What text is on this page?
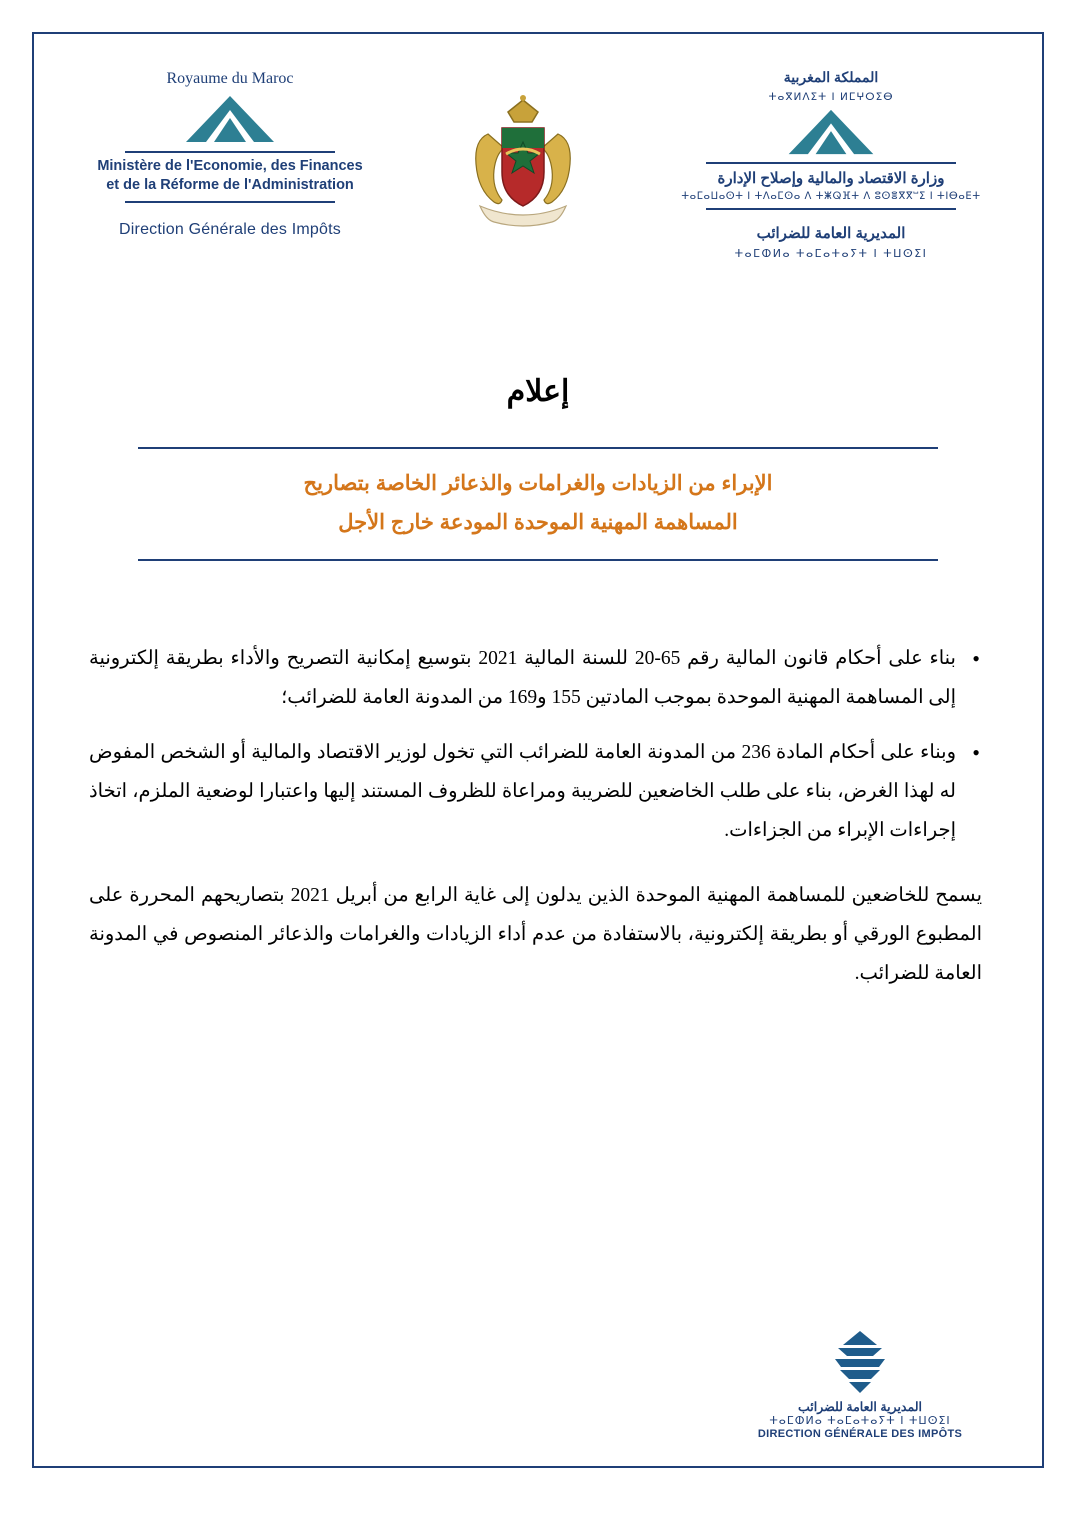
Royaume du Maroc
Ministère de l'Economie, des Finances
et de la Réforme de l'Administration
Direction Générale des Impôts
المملكة المغربية
ⵜⴰⴳⵍⴷⵉⵜ ⵏ ⵍⵎⵖⵔⵉⴱ
وزارة الاقتصاد والمالية وإصلاح الإدارة
ⵜⴰⵎⴰⵡⴰⵙⵜ ⵏ ⵜⴷⴰⵎⵙⴰ ⴷ ⵜⵥⵕⴼⵜ ⴷ ⵓⵙⴻⴳⴳⵯⵉ ⵏ ⵜⵏⴱⴰⴹⵜ
المديرية العامة للضرائب
ⵜⴰⵎⵀⵍⴰ ⵜⴰⵎⴰⵜⴰⵢⵜ ⵏ ⵜⵡⵙⵉⵏ
إعلام
الإبراء من الزيادات والغرامات والذعائر الخاصة بتصاريح
المساهمة المهنية الموحدة المودعة خارج الأجل
• بناء على أحكام قانون المالية رقم 65-20 للسنة المالية 2021 بتوسيع إمكانية التصريح والأداء بطريقة إلكترونية إلى المساهمة المهنية الموحدة بموجب المادتين 155 و169 من المدونة العامة للضرائب؛
• وبناء على أحكام المادة 236 من المدونة العامة للضرائب التي تخول لوزير الاقتصاد والمالية أو الشخص المفوض له لهذا الغرض، بناء على طلب الخاضعين للضريبة ومراعاة للظروف المستند إليها واعتبارا لوضعية الملزم، اتخاذ إجراءات الإبراء من الجزاءات.
يسمح للخاضعين للمساهمة المهنية الموحدة الذين يدلون إلى غاية الرابع من أبريل 2021 بتصاريحهم المحررة على المطبوع الورقي أو بطريقة إلكترونية، بالاستفادة من عدم أداء الزيادات والغرامات والذعائر المنصوص في المدونة العامة للضرائب.
المديرية العامة للضرائب
ⵜⴰⵎⵀⵍⴰ ⵜⴰⵎⴰⵜⴰⵢⵜ ⵏ ⵜⵡⵙⵉⵏ
DIRECTION GÉNÉRALE DES IMPÔTS
